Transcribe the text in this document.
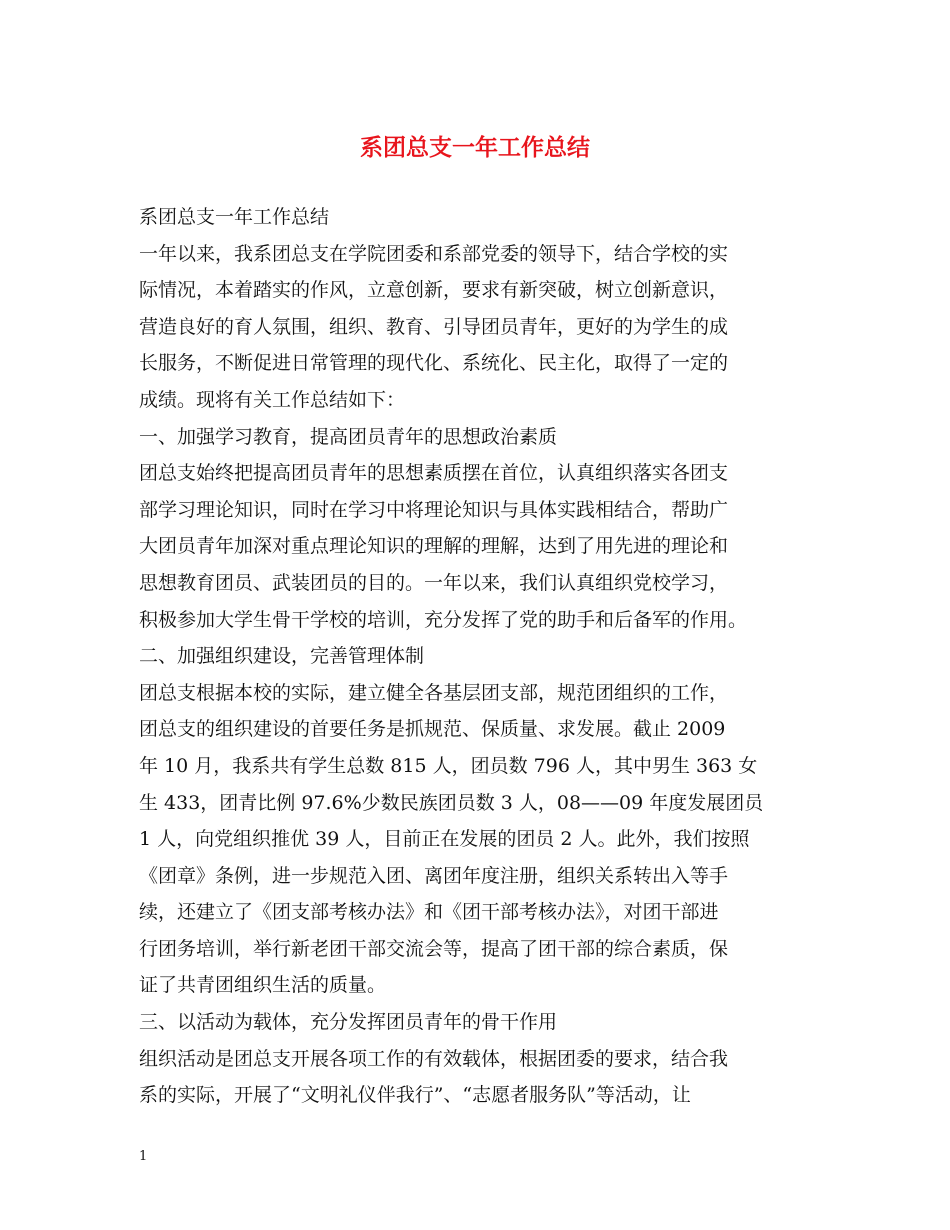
系团总支一年工作总结
系团总支一年工作总结
一年以来，我系团总支在学院团委和系部党委的领导下，结合学校的实
际情况，本着踏实的作风，立意创新，要求有新突破，树立创新意识，
营造良好的育人氛围，组织、教育、引导团员青年，更好的为学生的成
长服务，不断促进日常管理的现代化、系统化、民主化，取得了一定的
成绩。现将有关工作总结如下：
一、加强学习教育，提高团员青年的思想政治素质
团总支始终把提高团员青年的思想素质摆在首位，认真组织落实各团支
部学习理论知识，同时在学习中将理论知识与具体实践相结合，帮助广
大团员青年加深对重点理论知识的理解的理解，达到了用先进的理论和
思想教育团员、武装团员的目的。一年以来，我们认真组织党校学习，
积极参加大学生骨干学校的培训，充分发挥了党的助手和后备军的作用。
二、加强组织建设，完善管理体制
团总支根据本校的实际，建立健全各基层团支部，规范团组织的工作，
团总支的组织建设的首要任务是抓规范、保质量、求发展。截止 2009
年 10 月，我系共有学生总数 815 人，团员数 796 人，其中男生 363 女
生 433，团青比例 97.6%少数民族团员数 3 人，08——09 年度发展团员
1 人，向党组织推优 39 人，目前正在发展的团员 2 人。此外，我们按照
《团章》条例，进一步规范入团、离团年度注册，组织关系转出入等手
续，还建立了《团支部考核办法》和《团干部考核办法》，对团干部进
行团务培训，举行新老团干部交流会等，提高了团干部的综合素质，保
证了共青团组织生活的质量。
三、以活动为载体，充分发挥团员青年的骨干作用
组织活动是团总支开展各项工作的有效载体，根据团委的要求，结合我
系的实际，开展了“文明礼仪伴我行”、“志愿者服务队”等活动，让
1
